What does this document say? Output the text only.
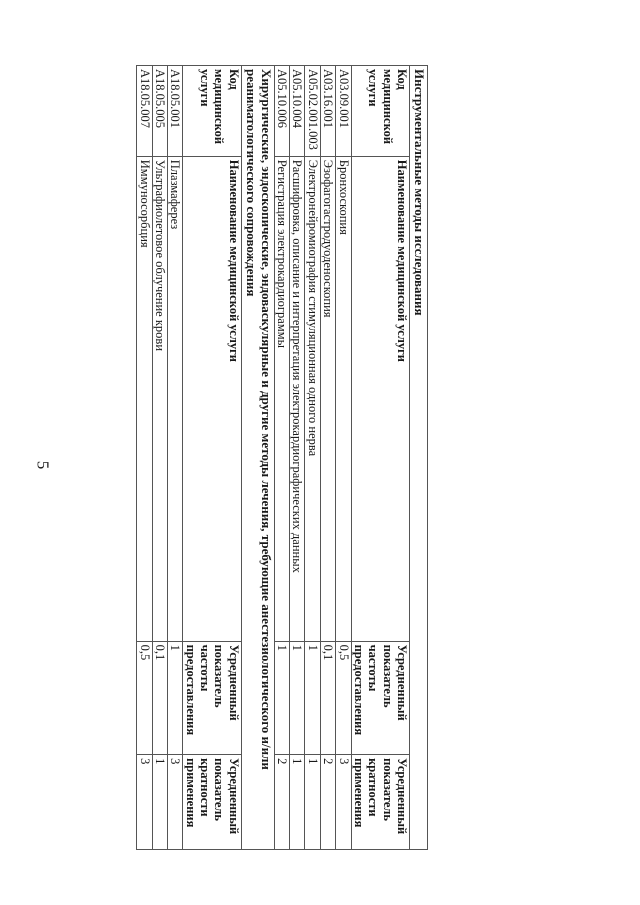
5
Инструментальные методы исследования			
Код медицинской услуги	Наименование медицинской услуги	Усредненный показатель частоты предоставления	Усредненный показатель кратности применения
A03.09.001	Бронхоскопия	0,5	3
A03.16.001	Эзофагогастродуоденоскопия	0,1	2
A05.02.001.003	Электронейромиография стимуляционная одного нерва	1	1
A05.10.004	Расшифровка, описание и интерпретация электрокардиографических данных	1	1
A05.10.006	Регистрация электрокардиограммы	1	2
Хирургические, эндоскопические, эндоваскулярные и другие методы лечения, требующие анестезиологического и/или реаниматологического сопровождения			
Код медицинской услуги	Наименование медицинской услуги	Усредненный показатель частоты предоставления	Усредненный показатель кратности применения
A18.05.001	Плазмаферез	1	3
A18.05.005	Ультрафиолетовое облучение крови	0,1	1
A18.05.007	Иммуносорбция	0,5	3
